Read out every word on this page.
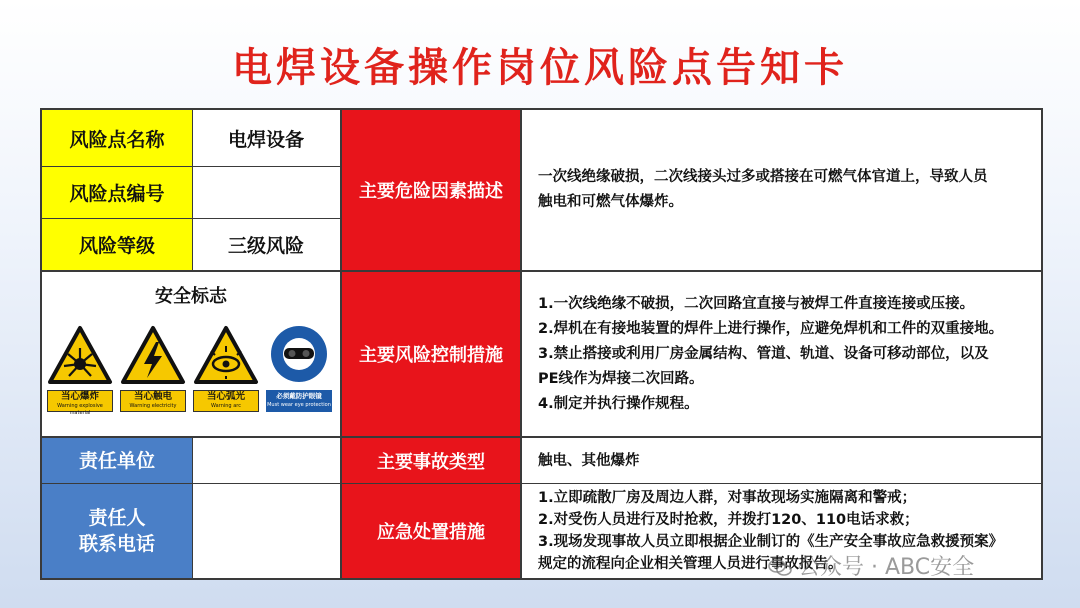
电焊设备操作岗位风险点告知卡
风险点名称	电焊设备
风险点编号
风险等级	三级风险
安全标志
当心爆炸
Warning explosive material
当心触电
Warning electricity
当心弧光
Warning arc
必须戴防护眼镜
Must wear eye protection
责任单位
责任人
联系电话
主要危险因素描述
主要风险控制措施
主要事故类型
应急处置措施
一次线绝缘破损，二次线接头过多或搭接在可燃气体官道上，导致人员
触电和可燃气体爆炸。
1.一次线绝缘不破损，二次回路宜直接与被焊工件直接连接或压接。
2.焊机在有接地装置的焊件上进行操作，应避免焊机和工件的双重接地。
3.禁止搭接或利用厂房金属结构、管道、轨道、设备可移动部位，以及
PE线作为焊接二次回路。
4.制定并执行操作规程。
触电、其他爆炸
1.立即疏散厂房及周边人群，对事故现场实施隔离和警戒；
2.对受伤人员进行及时抢救，并拨打120、110电话求救；
3.现场发现事故人员立即根据企业制订的《生产安全事故应急救援预案》
规定的流程向企业相关管理人员进行事故报告。
公众号 · ABC安全
